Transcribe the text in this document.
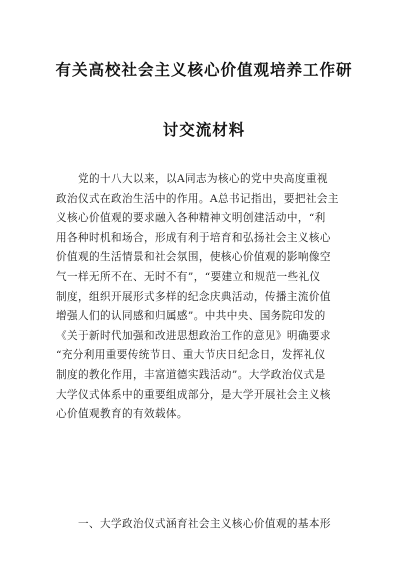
有关高校社会主义核心价值观培养工作研
讨交流材料
党的十八大以来，以A同志为核心的党中央高度重视
政治仪式在政治生活中的作用。A总书记指出，要把社会主
义核心价值观的要求融入各种精神文明创建活动中，“利
用各种时机和场合，形成有利于培育和弘扬社会主义核心
价值观的生活情景和社会氛围，使核心价值观的影响像空
气一样无所不在、无时不有”，“要建立和规范一些礼仪
制度，组织开展形式多样的纪念庆典活动，传播主流价值
增强人们的认同感和归属感”。中共中央、国务院印发的
《关于新时代加强和改进思想政治工作的意见》明确要求
“充分利用重要传统节日、重大节庆日纪念日，发挥礼仪
制度的教化作用，丰富道德实践活动”。大学政治仪式是
大学仪式体系中的重要组成部分，是大学开展社会主义核
心价值观教育的有效载体。
一、大学政治仪式涵育社会主义核心价值观的基本形
